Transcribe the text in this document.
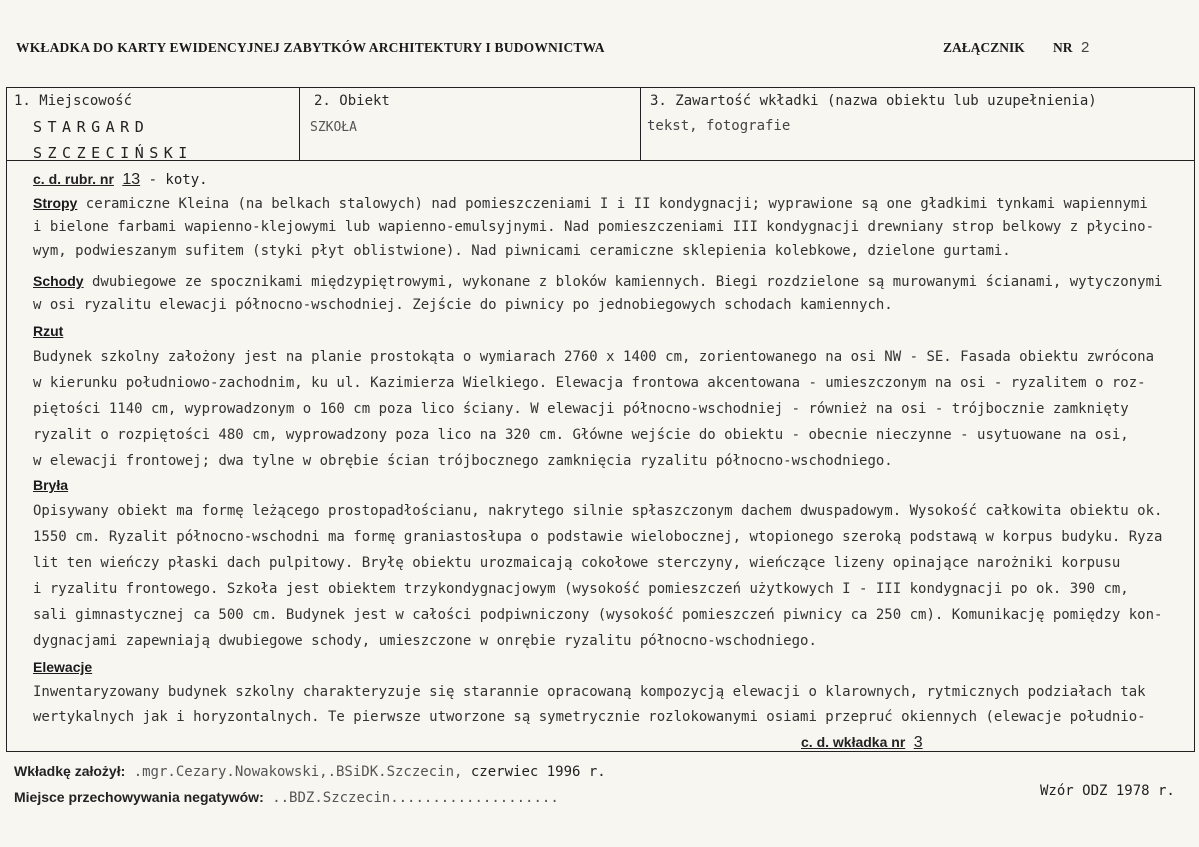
WKŁADKA DO KARTY EWIDENCYJNEJ ZABYTKÓW ARCHITEKTURY I BUDOWNICTWA	ZAŁĄCZNIK NR 2
1. Miejscowość
STARGARD
SZCZECIŃSKI
2. Obiekt
SZKOŁA
3. Zawartość wkładki (nazwa obiektu lub uzupełnienia)
tekst, fotografie
c. d. rubr. nr 13 - koty.
Stropy ceramiczne Kleina (na belkach stalowych) nad pomieszczeniami I i II kondygnacji; wyprawione są one gładkimi tynkami wapiennymi
i bielone farbami wapienno-klejowymi lub wapienno-emulsyjnymi. Nad pomieszczeniami III kondygnacji drewniany strop belkowy z płycino-
wym, podwieszanym sufitem (styki płyt oblistwione). Nad piwnicami ceramiczne sklepienia kolebkowe, dzielone gurtami.
Schody dwubiegowe ze spocznikami międzypiętrowymi, wykonane z bloków kamiennych. Biegi rozdzielone są murowanymi ścianami, wytyczonymi
w osi ryzalitu elewacji północno-wschodniej. Zejście do piwnicy po jednobiegowych schodach kamiennych.
Rzut
Budynek szkolny założony jest na planie prostokąta o wymiarach 2760 x 1400 cm, zorientowanego na osi NW - SE. Fasada obiektu zwrócona
w kierunku południowo-zachodnim, ku ul. Kazimierza Wielkiego. Elewacja frontowa akcentowana - umieszczonym na osi - ryzalitem o roz-
piętości 1140 cm, wyprowadzonym o 160 cm poza lico ściany. W elewacji północno-wschodniej - również na osi - trójbocznie zamknięty
ryzalit o rozpiętości 480 cm, wyprowadzony poza lico na 320 cm. Główne wejście do obiektu - obecnie nieczynne - usytuowane na osi,
w elewacji frontowej; dwa tylne w obrębie ścian trójbocznego zamknięcia ryzalitu północno-wschodniego.
Bryła
Opisywany obiekt ma formę leżącego prostopadłościanu, nakrytego silnie spłaszczonym dachem dwuspadowym. Wysokość całkowita obiektu ok.
1550 cm. Ryzalit północno-wschodni ma formę graniastosłupa o podstawie wielobocznej, wtopionego szeroką podstawą w korpus budyku. Ryza
lit ten wieńczy płaski dach pulpitowy. Bryłę obiektu urozmaicają cokołowe sterczyny, wieńczące lizeny opinające narożniki korpusu
i ryzalitu frontowego. Szkoła jest obiektem trzykondygnacjowym (wysokość pomieszczeń użytkowych I - III kondygnacji po ok. 390 cm,
sali gimnastycznej ca 500 cm. Budynek jest w całości podpiwniczony (wysokość pomieszczeń piwnicy ca 250 cm). Komunikację pomiędzy kon-
dygnacjami zapewniają dwubiegowe schody, umieszczone w onrębie ryzalitu północno-wschodniego.
Elewacje
Inwentaryzowany budynek szkolny charakteryzuje się starannie opracowaną kompozycją elewacji o klarownych, rytmicznych podziałach tak
wertykalnych jak i horyzontalnych. Te pierwsze utworzone są symetrycznie rozlokowanymi osiami przepruć okiennych (elewacje południo-
c. d. wkładka nr 3
Wkładkę założył: .mgr.Cezary.Nowakowski,.BSiDK.Szczecin, czerwiec 1996 r.
Miejsce przechowywania negatywów: ..BDZ.Szczecin....................	Wzór ODZ 1978 r.
